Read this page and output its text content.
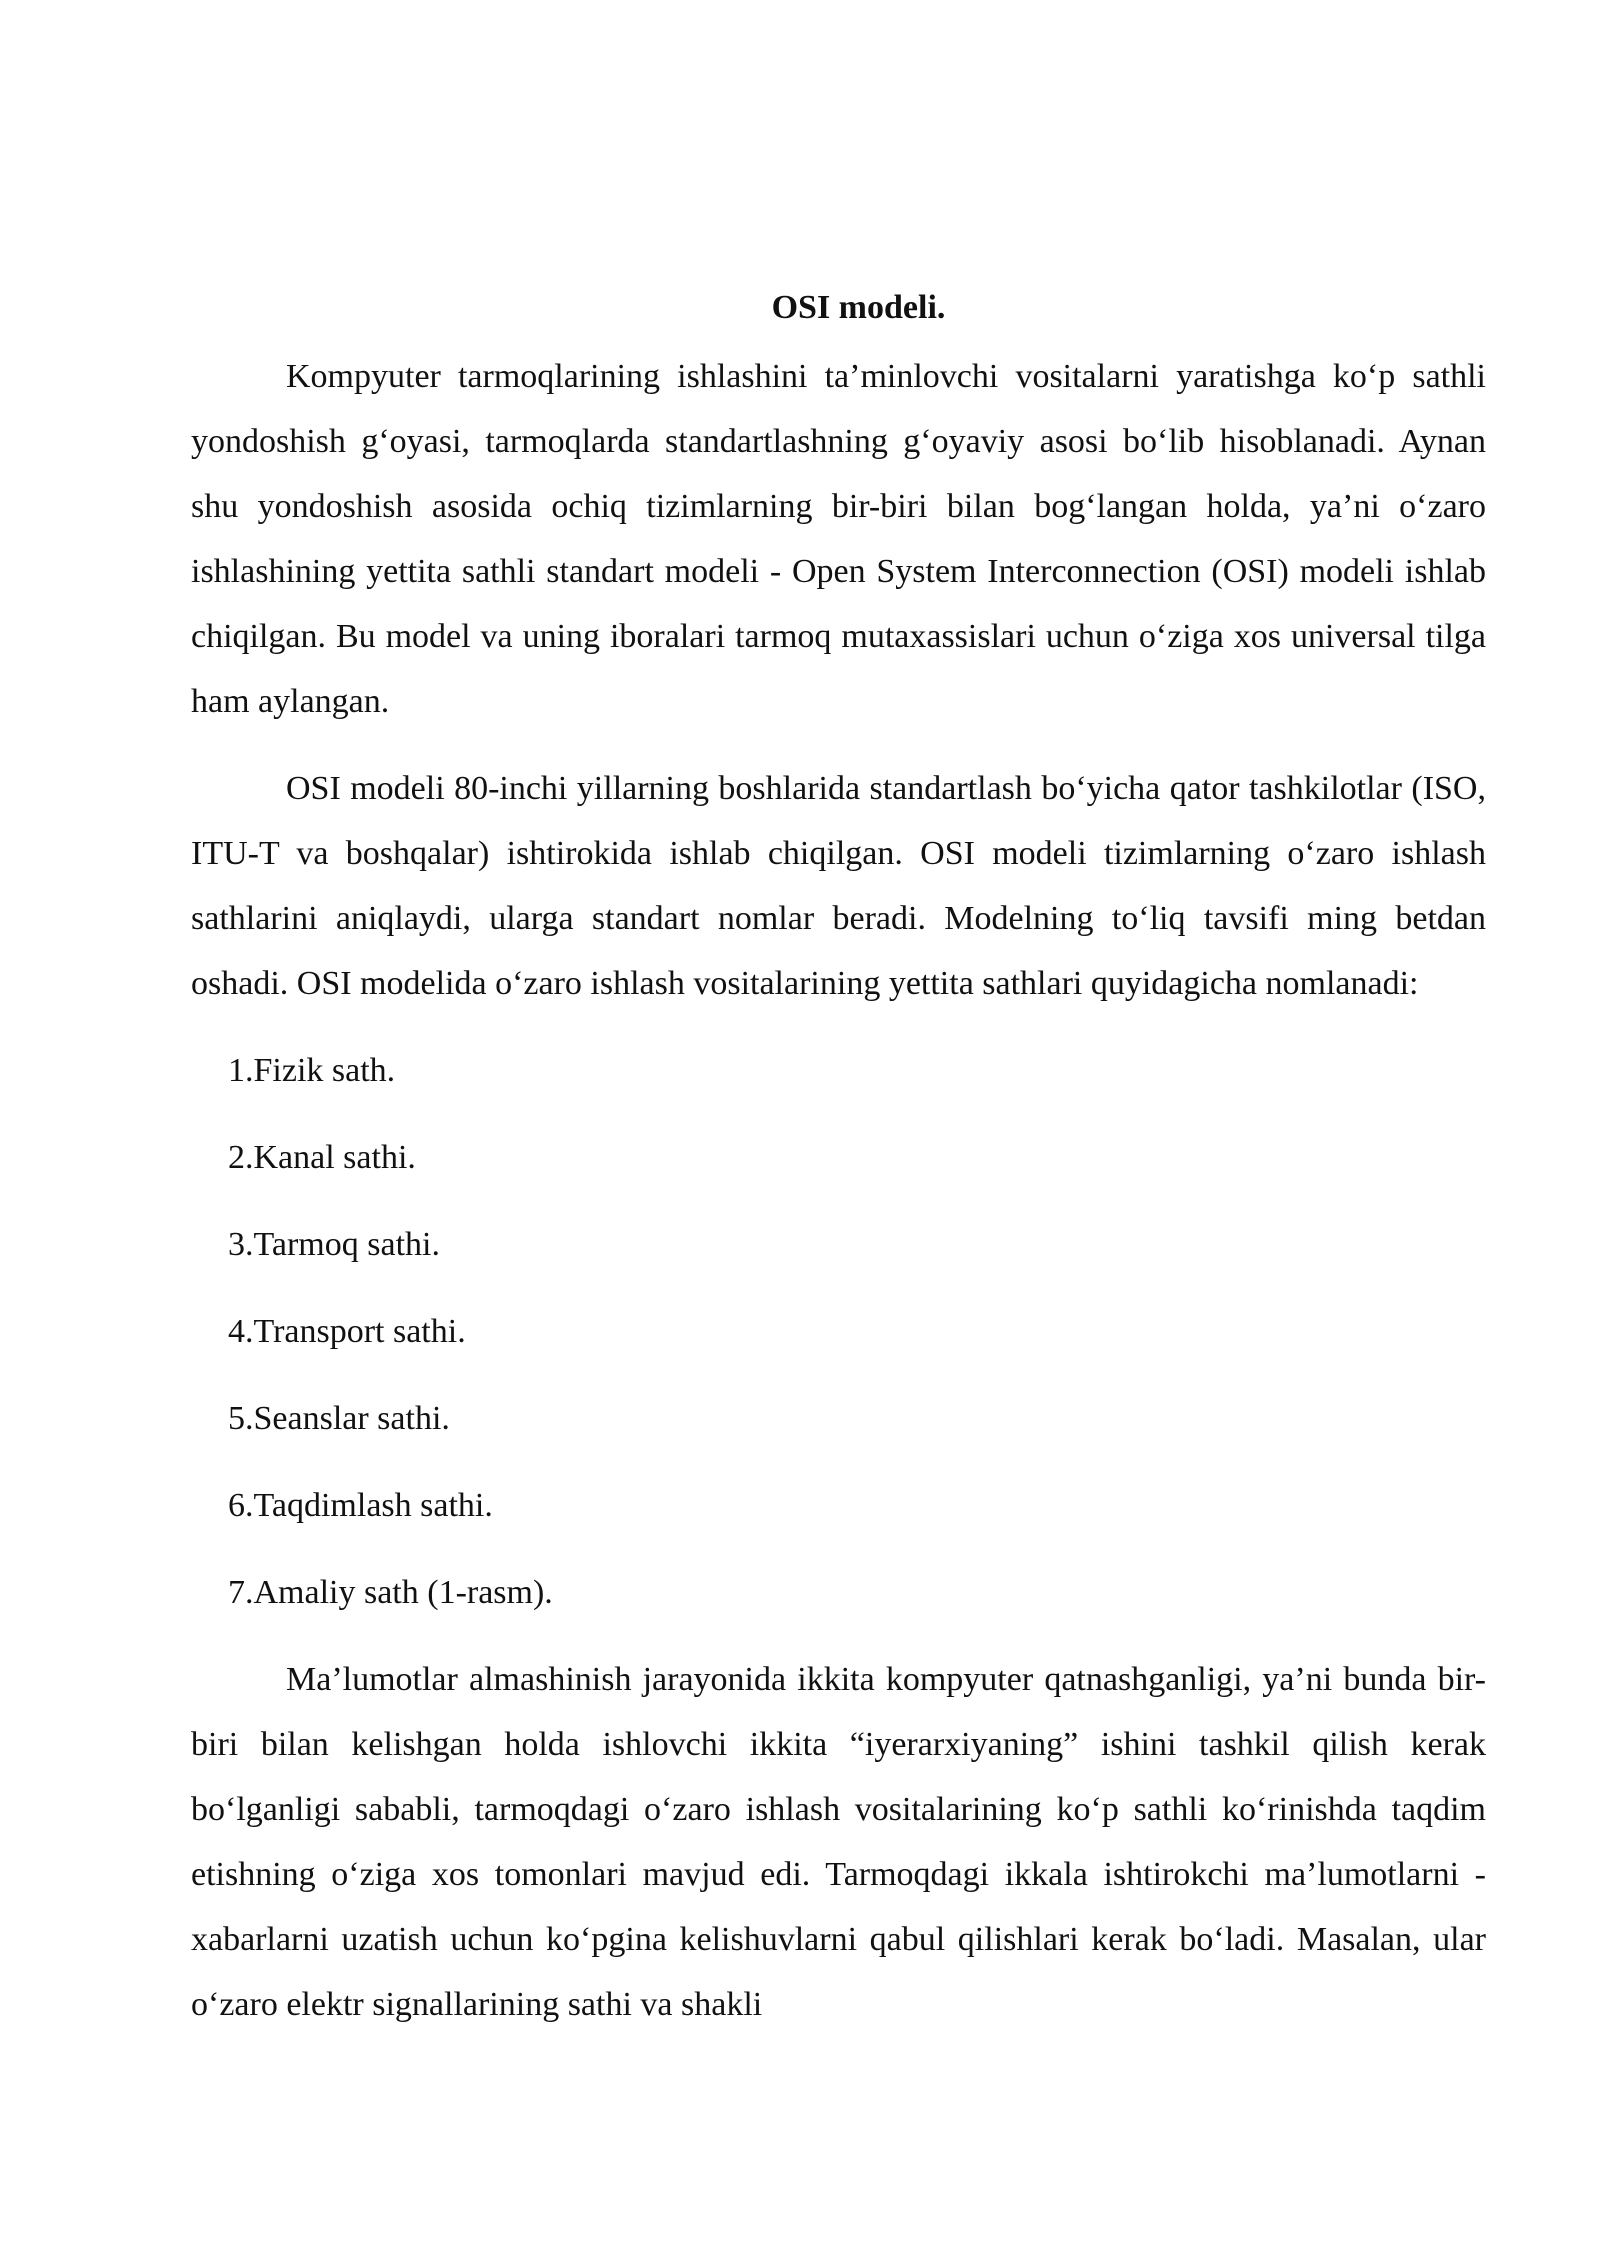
OSI modeli.

Kompyuter tarmoqlarining ishlashini ta’minlovchi vositalarni yaratishga ko‘p sathli yondoshish g‘oyasi, tarmoqlarda standartlashning g‘oyaviy asosi bo‘lib hisoblanadi. Aynan shu yondoshish asosida ochiq tizimlarning bir-biri bilan bog‘langan holda, ya’ni o‘zaro ishlashining yettita sathli standart modeli - Open System Interconnection (OSI) modeli ishlab chiqilgan. Bu model va uning iboralari tarmoq mutaxassislari uchun o‘ziga xos universal tilga ham aylangan.

OSI modeli 80-inchi yillarning boshlarida standartlash bo‘yicha qator tashkilotlar (ISO, ITU-T va boshqalar) ishtirokida ishlab chiqilgan. OSI modeli tizimlarning o‘zaro ishlash sathlarini aniqlaydi, ularga standart nomlar beradi. Modelning to‘liq tavsifi ming betdan oshadi. OSI modelida o‘zaro ishlash vositalarining yettita sathlari quyidagicha nomlanadi:

1.Fizik sath.
2.Kanal sathi.
3.Tarmoq sathi.
4.Transport sathi.
5.Seanslar sathi.
6.Taqdimlash sathi.
7.Amaliy sath (1-rasm).

Ma’lumotlar almashinish jarayonida ikkita kompyuter qatnashganligi, ya’ni bunda bir-biri bilan kelishgan holda ishlovchi ikkita “iyerarxiyaning” ishini tashkil qilish kerak bo‘lganligi sababli, tarmoqdagi o‘zaro ishlash vositalarining ko‘p sathli ko‘rinishda taqdim etishning o‘ziga xos tomonlari mavjud edi. Tarmoqdagi ikkala ishtirokchi ma’lumotlarni - xabarlarni uzatish uchun ko‘pgina kelishuvlarni qabul qilishlari kerak bo‘ladi. Masalan, ular o‘zaro elektr signallarining sathi va shakli
